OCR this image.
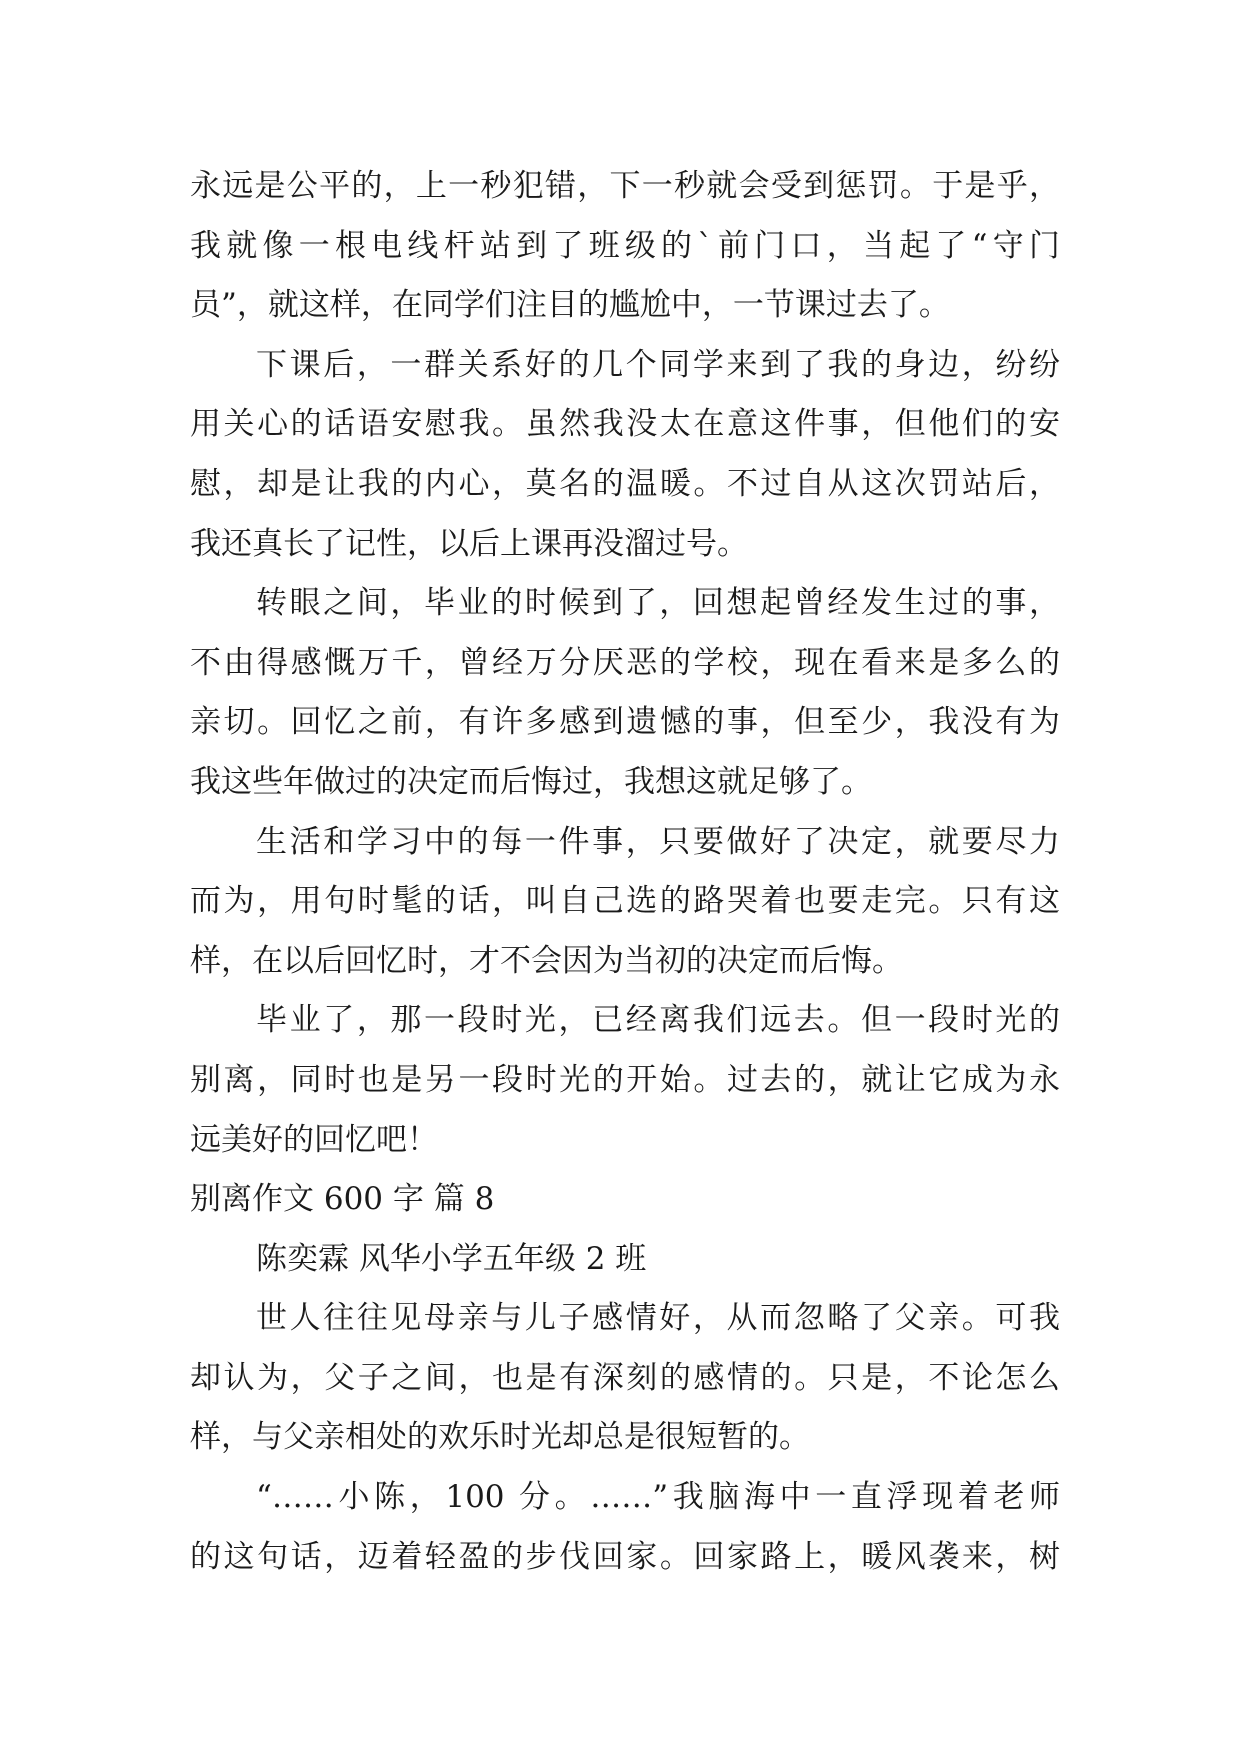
永远是公平的，上一秒犯错，下一秒就会受到惩罚。于是乎，
我就像一根电线杆站到了班级的`前门口，当起了“守门
员”，就这样，在同学们注目的尴尬中，一节课过去了。
下课后，一群关系好的几个同学来到了我的身边，纷纷
用关心的话语安慰我。虽然我没太在意这件事，但他们的安
慰，却是让我的内心，莫名的温暖。不过自从这次罚站后，
我还真长了记性，以后上课再没溜过号。
转眼之间，毕业的时候到了，回想起曾经发生过的事，
不由得感慨万千，曾经万分厌恶的学校，现在看来是多么的
亲切。回忆之前，有许多感到遗憾的事，但至少，我没有为
我这些年做过的决定而后悔过，我想这就足够了。
生活和学习中的每一件事，只要做好了决定，就要尽力
而为，用句时髦的话，叫自己选的路哭着也要走完。只有这
样，在以后回忆时，才不会因为当初的决定而后悔。
毕业了，那一段时光，已经离我们远去。但一段时光的
别离，同时也是另一段时光的开始。过去的，就让它成为永
远美好的回忆吧！
别离作文 600 字 篇 8
陈奕霖 风华小学五年级 2 班
世人往往见母亲与儿子感情好，从而忽略了父亲。可我
却认为，父子之间，也是有深刻的感情的。只是，不论怎么
样，与父亲相处的欢乐时光却总是很短暂的。
“……小陈，100 分。……”我脑海中一直浮现着老师
的这句话，迈着轻盈的步伐回家。回家路上，暖风袭来，树
